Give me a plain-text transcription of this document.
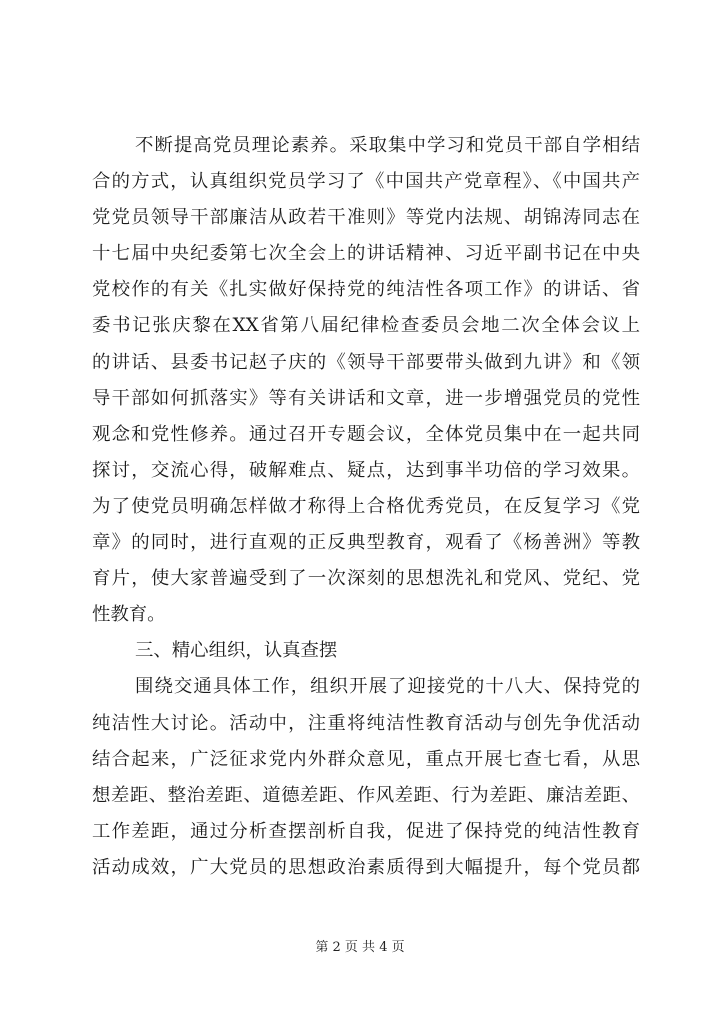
不断提高党员理论素养。采取集中学习和党员干部自学相结
合的方式，认真组织党员学习了《中国共产党章程》、《中国共产
党党员领导干部廉洁从政若干准则》等党内法规、胡锦涛同志在
十七届中央纪委第七次全会上的讲话精神、习近平副书记在中央
党校作的有关《扎实做好保持党的纯洁性各项工作》的讲话、省
委书记张庆黎在XX省第八届纪律检查委员会地二次全体会议上
的讲话、县委书记赵子庆的《领导干部要带头做到九讲》和《领
导干部如何抓落实》等有关讲话和文章，进一步增强党员的党性
观念和党性修养。通过召开专题会议，全体党员集中在一起共同
探讨，交流心得，破解难点、疑点，达到事半功倍的学习效果。
为了使党员明确怎样做才称得上合格优秀党员，在反复学习《党
章》的同时，进行直观的正反典型教育，观看了《杨善洲》等教
育片，使大家普遍受到了一次深刻的思想洗礼和党风、党纪、党
性教育。
三、精心组织，认真查摆
围绕交通具体工作，组织开展了迎接党的十八大、保持党的
纯洁性大讨论。活动中，注重将纯洁性教育活动与创先争优活动
结合起来，广泛征求党内外群众意见，重点开展七查七看，从思
想差距、整治差距、道德差距、作风差距、行为差距、廉洁差距、
工作差距，通过分析查摆剖析自我，促进了保持党的纯洁性教育
活动成效，广大党员的思想政治素质得到大幅提升，每个党员都
第 2 页 共 4 页
